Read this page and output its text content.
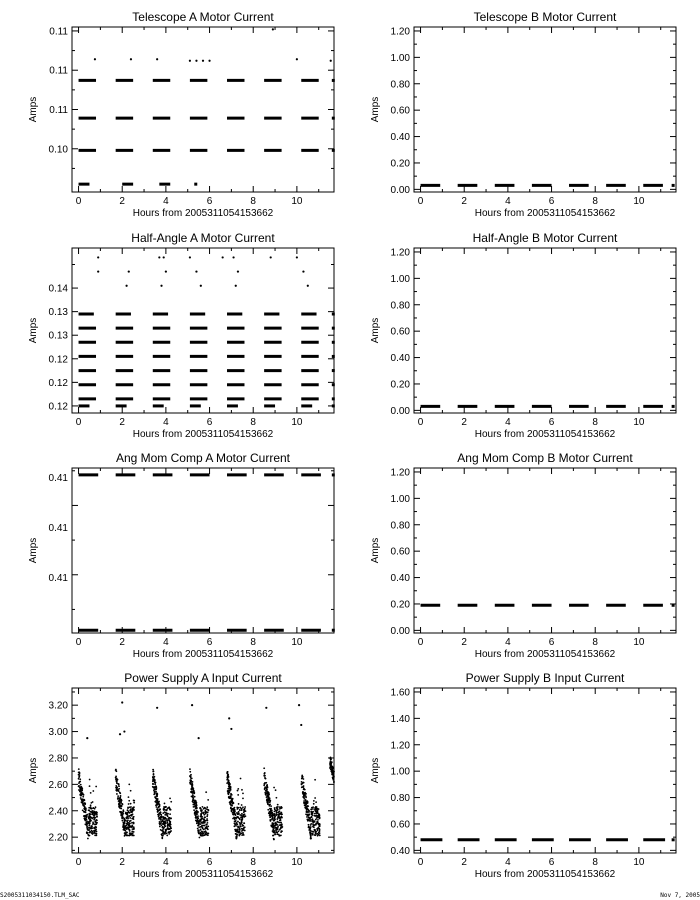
Telescope A Motor Current
Hours from 2005311054153662
Amps
0	2	4	6	8	10
0.10
0.11
0.11
0.11
Telescope B Motor Current
Hours from 2005311054153662
Amps
0	2	4	6	8	10
0.00
0.20
0.40
0.60
0.80
1.00
1.20
Half-Angle A Motor Current
Hours from 2005311054153662
Amps
0	2	4	6	8	10
0.12
0.12
0.12
0.13
0.13
0.14
Half-Angle B Motor Current
Hours from 2005311054153662
Amps
0	2	4	6	8	10
0.00
0.20
0.40
0.60
0.80
1.00
1.20
Ang Mom Comp A Motor Current
Hours from 2005311054153662
Amps
0	2	4	6	8	10
0.41
0.41
0.41
Ang Mom Comp B Motor Current
Hours from 2005311054153662
Amps
0	2	4	6	8	10
0.00
0.20
0.40
0.60
0.80
1.00
1.20
Power Supply A Input Current
Hours from 2005311054153662
Amps
0	2	4	6	8	10
2.20
2.40
2.60
2.80
3.00
3.20
Power Supply B Input Current
Hours from 2005311054153662
Amps
0	2	4	6	8	10
0.40
0.60
0.80
1.00
1.20
1.40
1.60
S2005311034150.TLM_SAC	Nov 7, 2005
